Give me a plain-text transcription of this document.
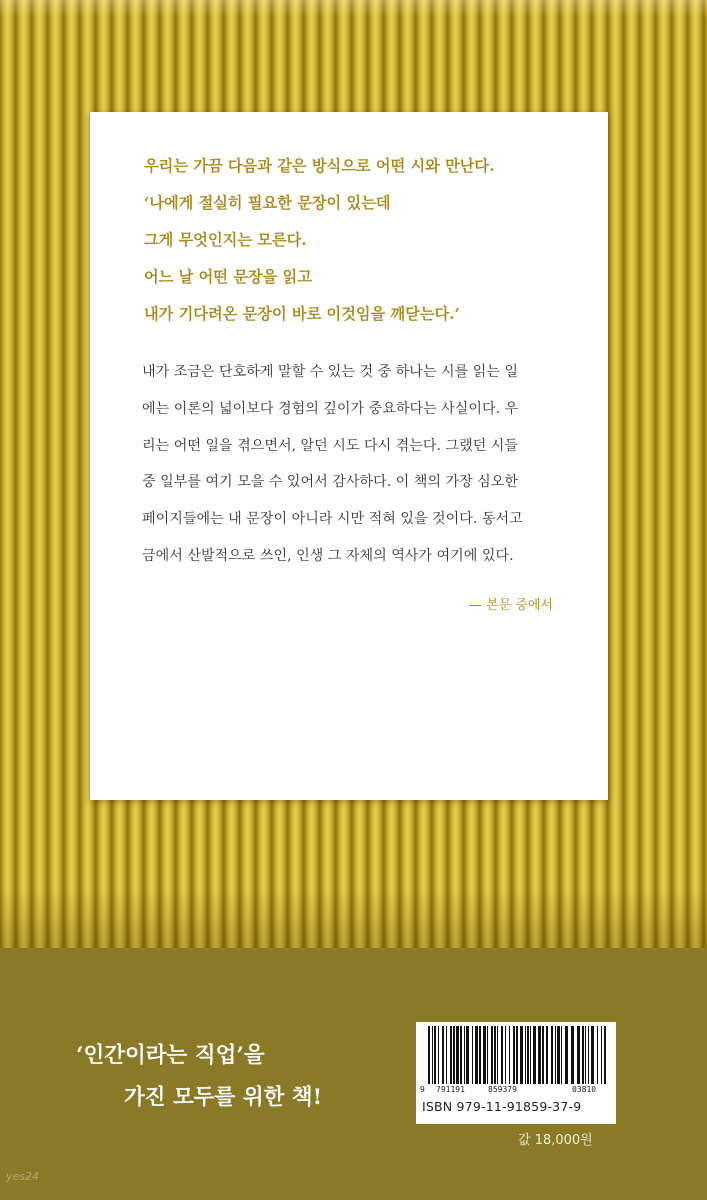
우리는 가끔 다음과 같은 방식으로 어떤 시와 만난다.
‘나에게 절실히 필요한 문장이 있는데
그게 무엇인지는 모른다.
어느 날 어떤 문장을 읽고
내가 기다려온 문장이 바로 이것임을 깨닫는다.’
내가 조금은 단호하게 말할 수 있는 것 중 하나는 시를 읽는 일
에는 이론의 넓이보다 경험의 깊이가 중요하다는 사실이다. 우
리는 어떤 일을 겪으면서, 알던 시도 다시 겪는다. 그랬던 시들
중 일부를 여기 모을 수 있어서 감사하다. 이 책의 가장 심오한
페이지들에는 내 문장이 아니라 시만 적혀 있을 것이다. 동서고
금에서 산발적으로 쓰인, 인생 그 자체의 역사가 여기에 있다.
— 본문 중에서
‘인간이라는 직업’을
가진 모두를 위한 책!	9 791191	859379	03810
ISBN 979-11-91859-37-9
값 18,000원
yes24
